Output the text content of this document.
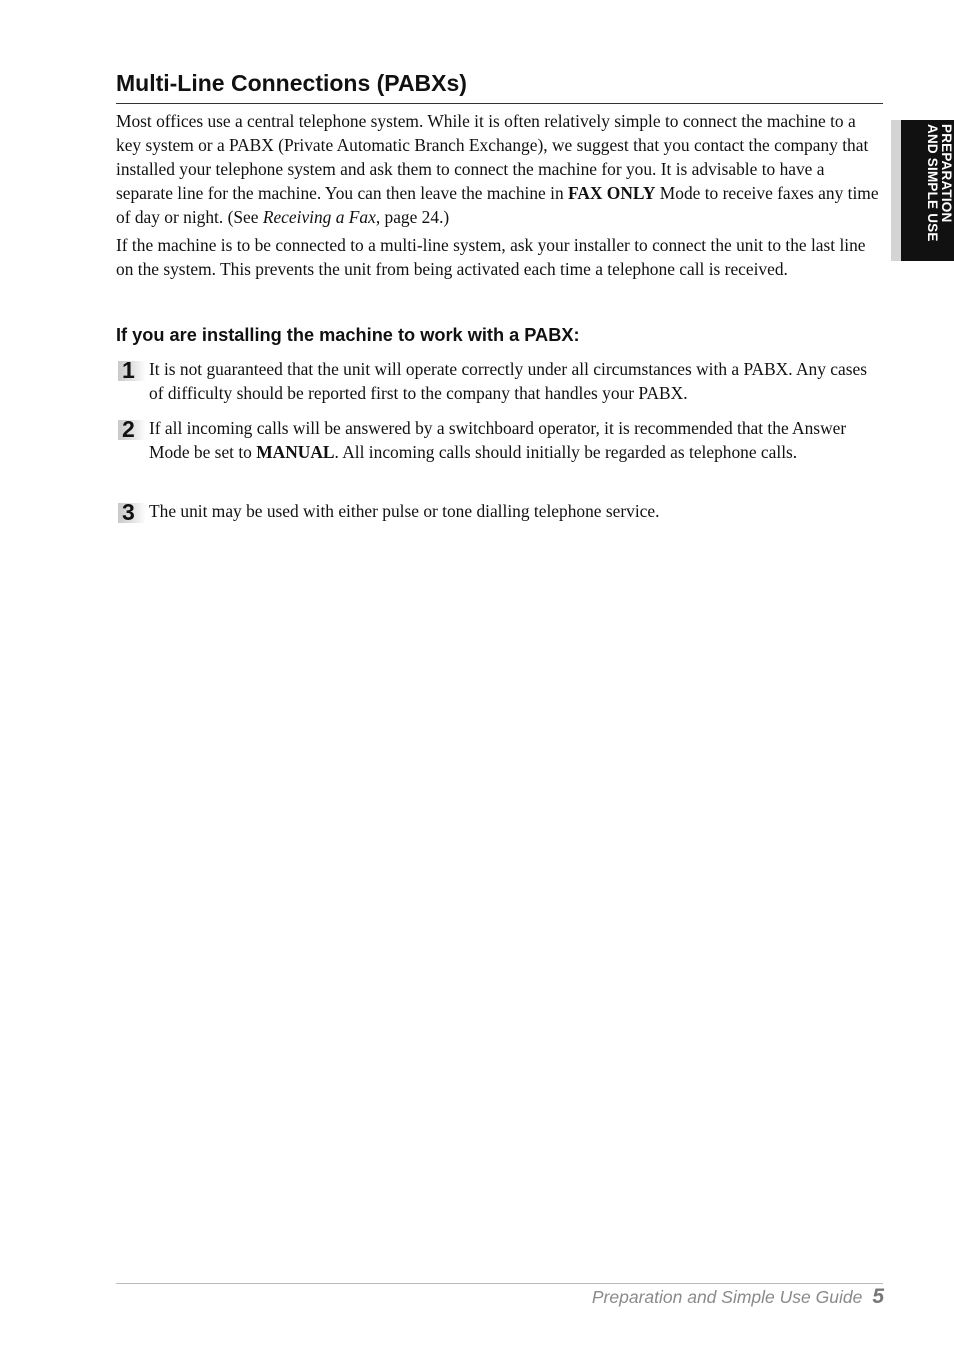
Multi-Line Connections (PABXs)
PREPARATION
AND SIMPLE USE

Most offices use a central telephone system. While it is often relatively simple to connect the machine to a key system or a PABX (Private Automatic Branch Exchange), we suggest that you contact the company that installed your telephone system and ask them to connect the machine for you. It is advisable to have a separate line for the machine. You can then leave the machine in FAX ONLY Mode to receive faxes any time of day or night. (See Receiving a Fax, page 24.)

If the machine is to be connected to a multi-line system, ask your installer to connect the unit to the last line on the system. This prevents the unit from being activated each time a telephone call is received.

If you are installing the machine to work with a PABX:
1 It is not guaranteed that the unit will operate correctly under all circumstances with a PABX. Any cases of difficulty should be reported first to the company that handles your PABX.

2 If all incoming calls will be answered by a switchboard operator, it is recommended that the Answer Mode be set to MANUAL. All incoming calls should initially be regarded as telephone calls.

3 The unit may be used with either pulse or tone dialling telephone service.

Preparation and Simple Use Guide 5
